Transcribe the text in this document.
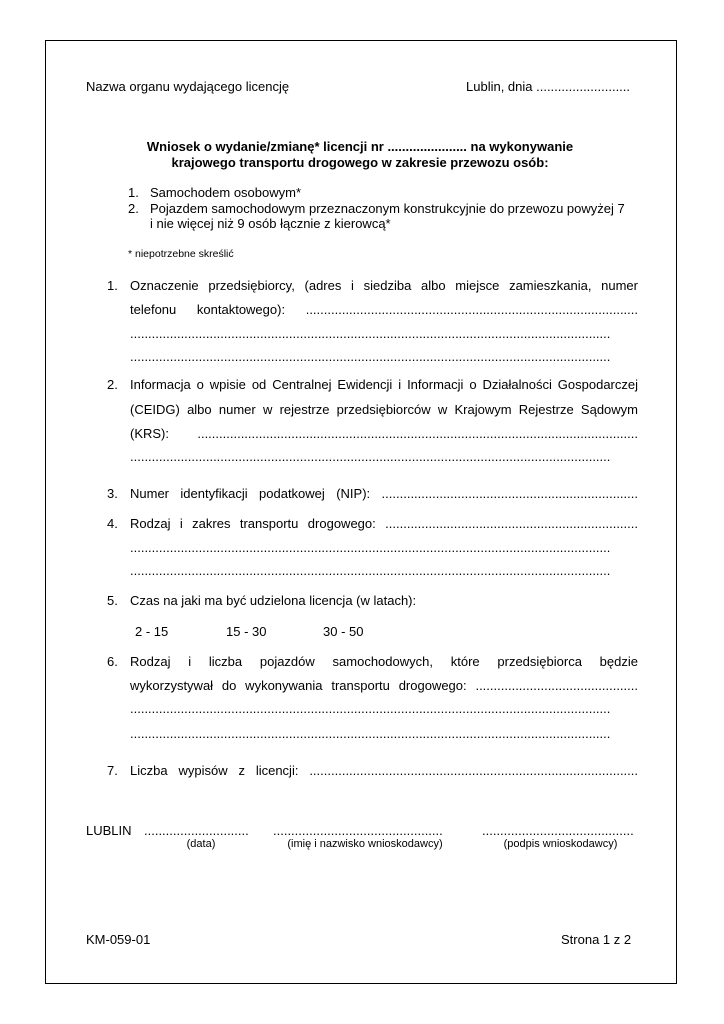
Nazwa organu wydającego licencję	Lublin, dnia ..........................
Wniosek o wydanie/zmianę* licencji nr ...................... na wykonywanie
krajowego transportu drogowego w zakresie przewozu osób:
1. Samochodem osobowym*
2. Pojazdem samochodowym przeznaczonym konstrukcyjnie do przewozu powyżej 7
i nie więcej niż 9 osób łącznie z kierowcą*
* niepotrzebne skreślić
1. Oznaczenie przedsiębiorcy, (adres i siedziba albo miejsce zamieszkania, numer
telefonu kontaktowego): ............................................................................................
.....................................................................................................................................
.....................................................................................................................................
2. Informacja o wpisie od Centralnej Ewidencji i Informacji o Działalności Gospodarczej
(CEIDG) albo numer w rejestrze przedsiębiorców w Krajowym Rejestrze Sądowym
(KRS): ..........................................................................................................................
.....................................................................................................................................
3. Numer identyfikacji podatkowej (NIP): .......................................................................
4. Rodzaj i zakres transportu drogowego: ......................................................................
.....................................................................................................................................
.....................................................................................................................................
5. Czas na jaki ma być udzielona licencja (w latach):
2 - 15	15 - 30	30 - 50
6. Rodzaj i liczba pojazdów samochodowych, które przedsiębiorca będzie
wykorzystywał do wykonywania transportu drogowego: .............................................
.....................................................................................................................................
.....................................................................................................................................
7. Liczba wypisów z licencji: ...........................................................................................
LUBLIN ............................. ...............................................	..........................................
(data)	(imię i nazwisko wnioskodawcy)	(podpis wnioskodawcy)
KM-059-01	Strona 1 z 2
